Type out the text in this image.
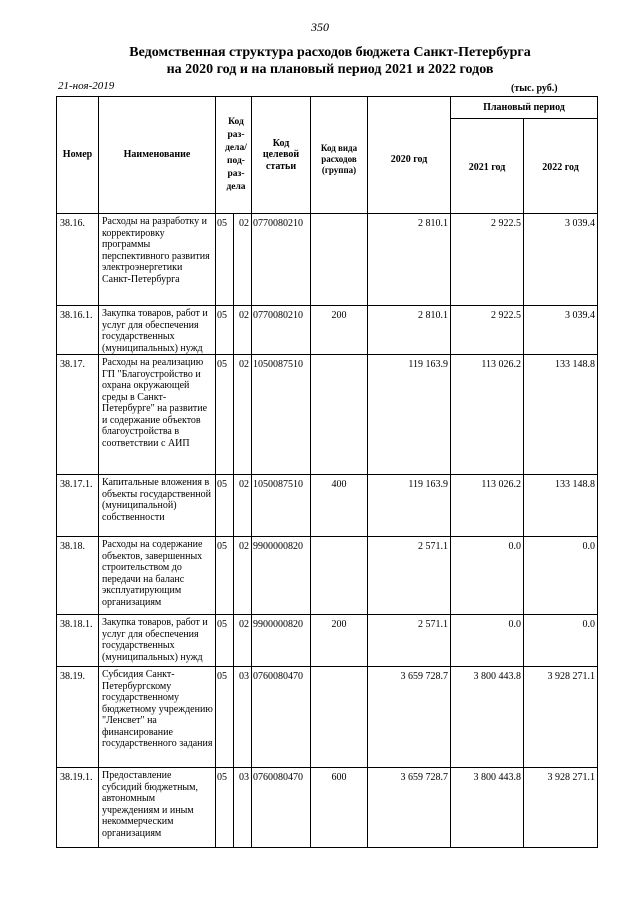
350
Ведомственная структура расходов бюджета Санкт-Петербурга
на 2020 год и на плановый период 2021 и 2022 годов
21-ноя-2019	(тыс. руб.)
Номер	Наименование	Код раз- дела/ под- раз- дела		Код целевой статьи	Код вида расходов (группа)	2020 год	Плановый период	
							2021 год	2022 год
38.16.	Расходы на разработку и корректировку программы перспективного развития электроэнергетики Санкт-Петербурга	05	02	0770080210		2 810.1	2 922.5	3 039.4
38.16.1.	Закупка товаров, работ и услуг для обеспечения государственных (муниципальных) нужд	05	02	0770080210	200	2 810.1	2 922.5	3 039.4
38.17.	Расходы на реализацию ГП "Благоустройство и охрана окружающей среды в Санкт-Петербурге" на развитие и содержание объектов благоустройства в соответствии с АИП	05	02	1050087510		119 163.9	113 026.2	133 148.8
38.17.1.	Капитальные вложения в объекты государственной (муниципальной) собственности	05	02	1050087510	400	119 163.9	113 026.2	133 148.8
38.18.	Расходы на содержание объектов, завершенных строительством до передачи на баланс эксплуатирующим организациям	05	02	9900000820		2 571.1	0.0	0.0
38.18.1.	Закупка товаров, работ и услуг для обеспечения государственных (муниципальных) нужд	05	02	9900000820	200	2 571.1	0.0	0.0
38.19.	Субсидия Санкт-Петербургскому государственному бюджетному учреждению "Ленсвет" на финансирование государственного задания	05	03	0760080470		3 659 728.7	3 800 443.8	3 928 271.1
38.19.1.	Предоставление субсидий бюджетным, автономным учреждениям и иным некоммерческим организациям	05	03	0760080470	600	3 659 728.7	3 800 443.8	3 928 271.1
